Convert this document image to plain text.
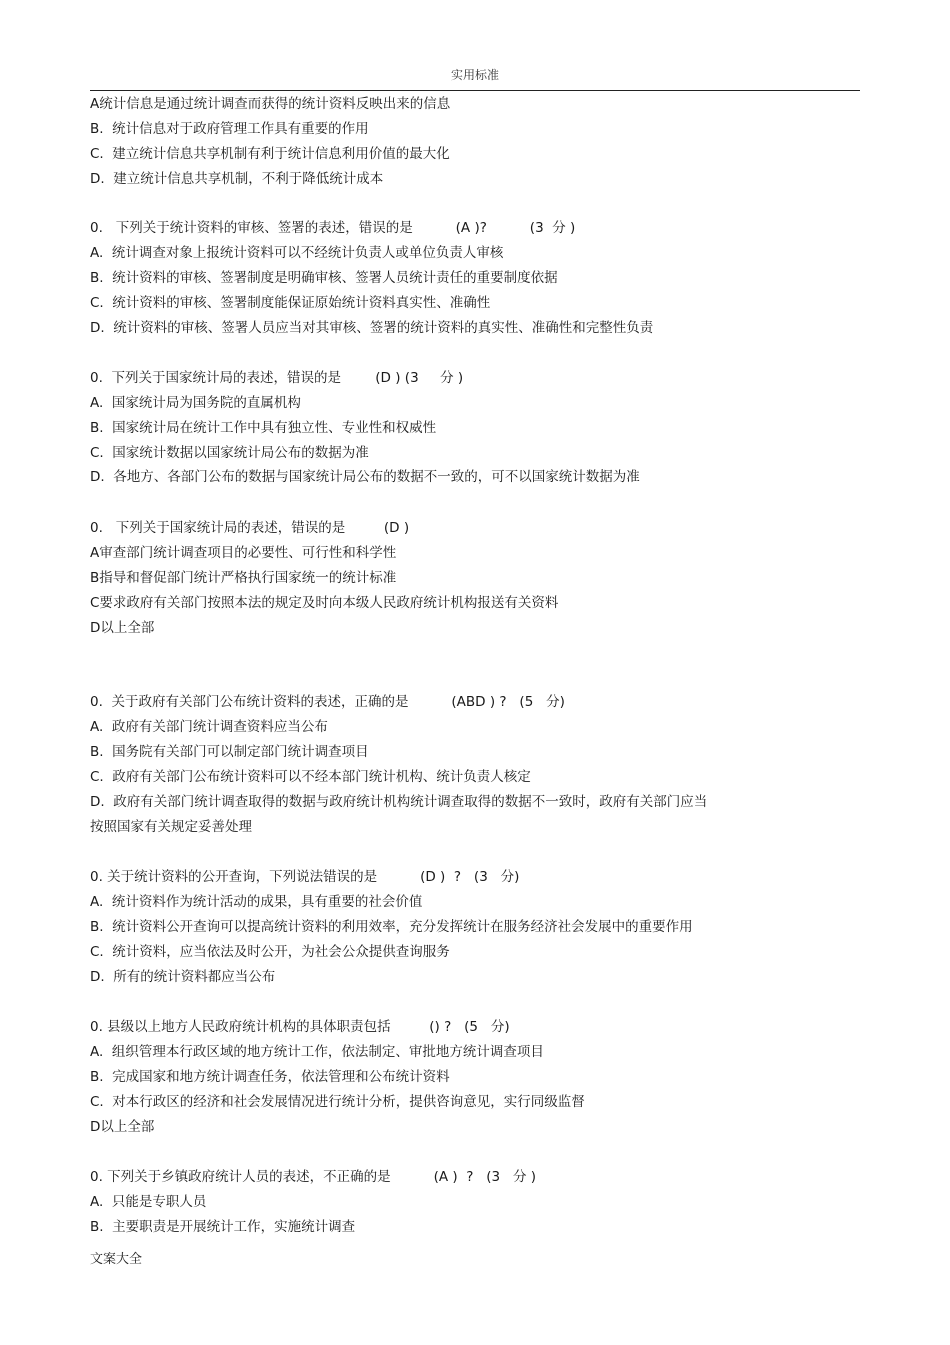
实用标准
A统计信息是通过统计调查而获得的统计资料反映出来的信息
B.  统计信息对于政府管理工作具有重要的作用
C.  建立统计信息共享机制有利于统计信息利用价值的最大化
D.  建立统计信息共享机制，不利于降低统计成本
0.   下列关于统计资料的审核、签署的表述，错误的是          (A )?          (3  分 )
A.  统计调查对象上报统计资料可以不经统计负责人或单位负责人审核
B.  统计资料的审核、签署制度是明确审核、签署人员统计责任的重要制度依据
C.  统计资料的审核、签署制度能保证原始统计资料真实性、准确性
D.  统计资料的审核、签署人员应当对其审核、签署的统计资料的真实性、准确性和完整性负责
0.  下列关于国家统计局的表述，错误的是        (D ) (3     分 )
A.  国家统计局为国务院的直属机构
B.  国家统计局在统计工作中具有独立性、专业性和权威性
C.  国家统计数据以国家统计局公布的数据为准
D.  各地方、各部门公布的数据与国家统计局公布的数据不一致的，可不以国家统计数据为准
0.   下列关于国家统计局的表述，错误的是         (D )
A审查部门统计调查项目的必要性、可行性和科学性
B指导和督促部门统计严格执行国家统一的统计标准
C要求政府有关部门按照本法的规定及时向本级人民政府统计机构报送有关资料
D以上全部
0.  关于政府有关部门公布统计资料的表述，正确的是          (ABD ) ?   (5   分)
A.  政府有关部门统计调查资料应当公布
B.  国务院有关部门可以制定部门统计调查项目
C.  政府有关部门公布统计资料可以不经本部门统计机构、统计负责人核定
D.  政府有关部门统计调查取得的数据与政府统计机构统计调查取得的数据不一致时，政府有关部门应当
按照国家有关规定妥善处理
0. 关于统计资料的公开查询，下列说法错误的是          (D )  ?   (3   分)
A.  统计资料作为统计活动的成果，具有重要的社会价值
B.  统计资料公开查询可以提高统计资料的利用效率，充分发挥统计在服务经济社会发展中的重要作用
C.  统计资料，应当依法及时公开，为社会公众提供查询服务
D.  所有的统计资料都应当公布
0. 县级以上地方人民政府统计机构的具体职责包括         () ?   (5   分)
A.  组织管理本行政区域的地方统计工作，依法制定、审批地方统计调查项目
B.  完成国家和地方统计调查任务，依法管理和公布统计资料
C.  对本行政区的经济和社会发展情况进行统计分析，提供咨询意见，实行同级监督
D以上全部
0. 下列关于乡镇政府统计人员的表述，不正确的是          (A )  ?   (3   分 )
A.  只能是专职人员
B.  主要职责是开展统计工作，实施统计调查
文案大全
